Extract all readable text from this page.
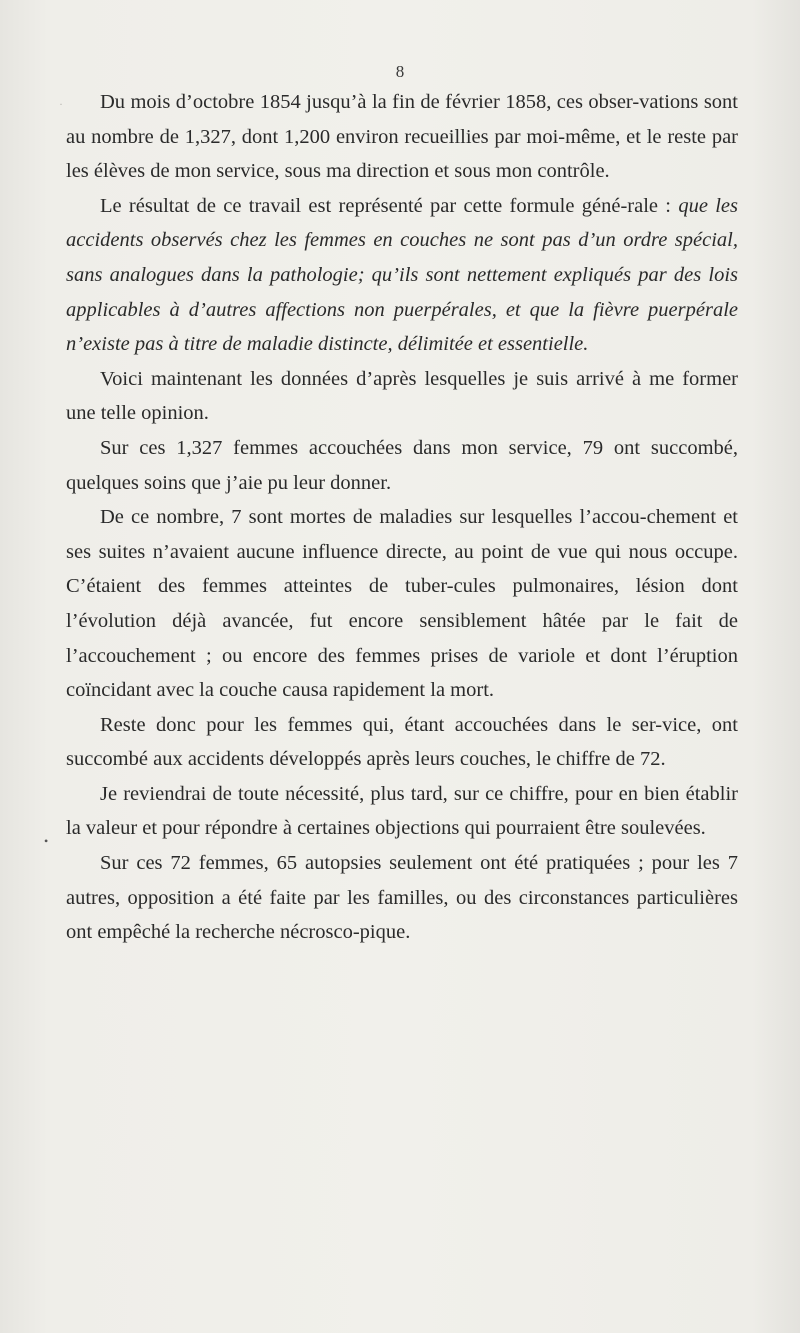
8
·
•

Du mois d’octobre 1854 jusqu’à la fin de février 1858, ces obser-vations sont au nombre de 1,327, dont 1,200 environ recueillies par moi-même, et le reste par les élèves de mon service, sous ma direction et sous mon contrôle.

Le résultat de ce travail est représenté par cette formule géné-rale : que les accidents observés chez les femmes en couches ne sont pas d’un ordre spécial, sans analogues dans la pathologie; qu’ils sont nettement expliqués par des lois applicables à d’autres affections non puerpérales, et que la fièvre puerpérale n’existe pas à titre de maladie distincte, délimitée et essentielle.

Voici maintenant les données d’après lesquelles je suis arrivé à me former une telle opinion.

Sur ces 1,327 femmes accouchées dans mon service, 79 ont succombé, quelques soins que j’aie pu leur donner.

De ce nombre, 7 sont mortes de maladies sur lesquelles l’accou-chement et ses suites n’avaient aucune influence directe, au point de vue qui nous occupe. C’étaient des femmes atteintes de tuber-cules pulmonaires, lésion dont l’évolution déjà avancée, fut encore sensiblement hâtée par le fait de l’accouchement ; ou encore des femmes prises de variole et dont l’éruption coïncidant avec la couche causa rapidement la mort.

Reste donc pour les femmes qui, étant accouchées dans le ser-vice, ont succombé aux accidents développés après leurs couches, le chiffre de 72.

Je reviendrai de toute nécessité, plus tard, sur ce chiffre, pour en bien établir la valeur et pour répondre à certaines objections qui pourraient être soulevées.

Sur ces 72 femmes, 65 autopsies seulement ont été pratiquées ; pour les 7 autres, opposition a été faite par les familles, ou des circonstances particulières ont empêché la recherche nécrosco-pique.
